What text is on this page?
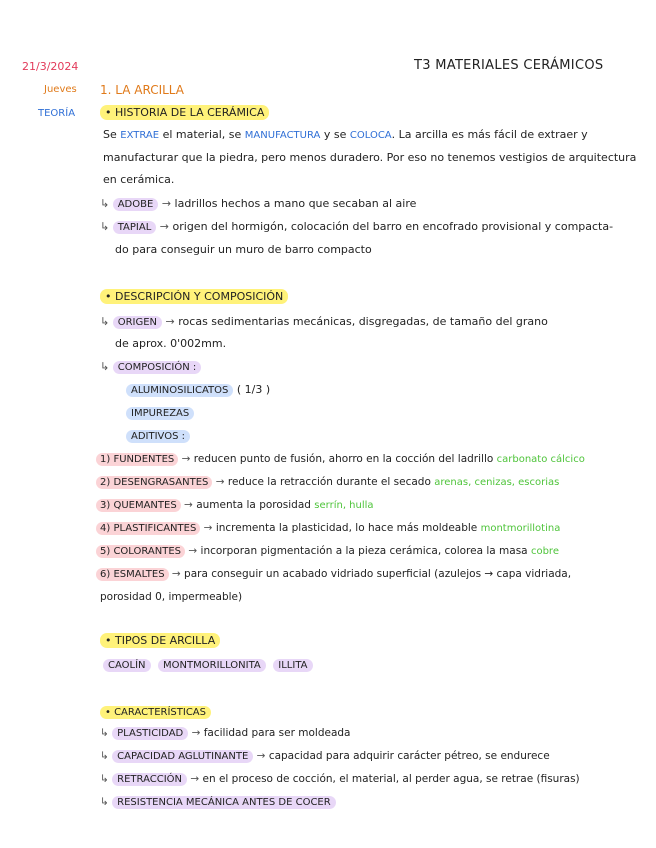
21/3/2024	T3 MATERIALES CERÁMICOS
Jueves
TEORÍA
1. LA ARCILLA
• HISTORIA DE LA CERÁMICA
Se EXTRAE el material, se MANUFACTURA y se COLOCA. La arcilla es más fácil de extraer y manufacturar que la piedra, pero menos duradero. Por eso no tenemos vestigios de arquitectura en cerámica.
↳ ADOBE → ladrillos hechos a mano que secaban al aire
↳ TAPIAL → origen del hormigón, colocación del barro en encofrado provisional y compacta-
do para conseguir un muro de barro compacto
• DESCRIPCIÓN Y COMPOSICIÓN
↳ ORIGEN → rocas sedimentarias mecánicas, disgregadas, de tamaño del grano
de aprox. 0'002mm.
↳ COMPOSICIÓN :
ALUMINOSILICATOS ( 1/3 )
IMPUREZAS
ADITIVOS :
1) FUNDENTES → reducen punto de fusión, ahorro en la cocción del ladrillo carbonato cálcico
2) DESENGRASANTES → reduce la retracción durante el secado arenas, cenizas, escorias
3) QUEMANTES → aumenta la porosidad serrín, hulla
4) PLASTIFICANTES → incrementa la plasticidad, lo hace más moldeable montmorillotina
5) COLORANTES → incorporan pigmentación a la pieza cerámica, colorea la masa cobre
6) ESMALTES → para conseguir un acabado vidriado superficial (azulejos → capa vidriada,
porosidad 0, impermeable)
• TIPOS DE ARCILLA
CAOLÍN MONTMORILLONITA ILLITA
• CARACTERÍSTICAS
↳ PLASTICIDAD → facilidad para ser moldeada
↳ CAPACIDAD AGLUTINANTE → capacidad para adquirir carácter pétreo, se endurece
↳ RETRACCIÓN → en el proceso de cocción, el material, al perder agua, se retrae (fisuras)
↳ RESISTENCIA MECÁNICA ANTES DE COCER
